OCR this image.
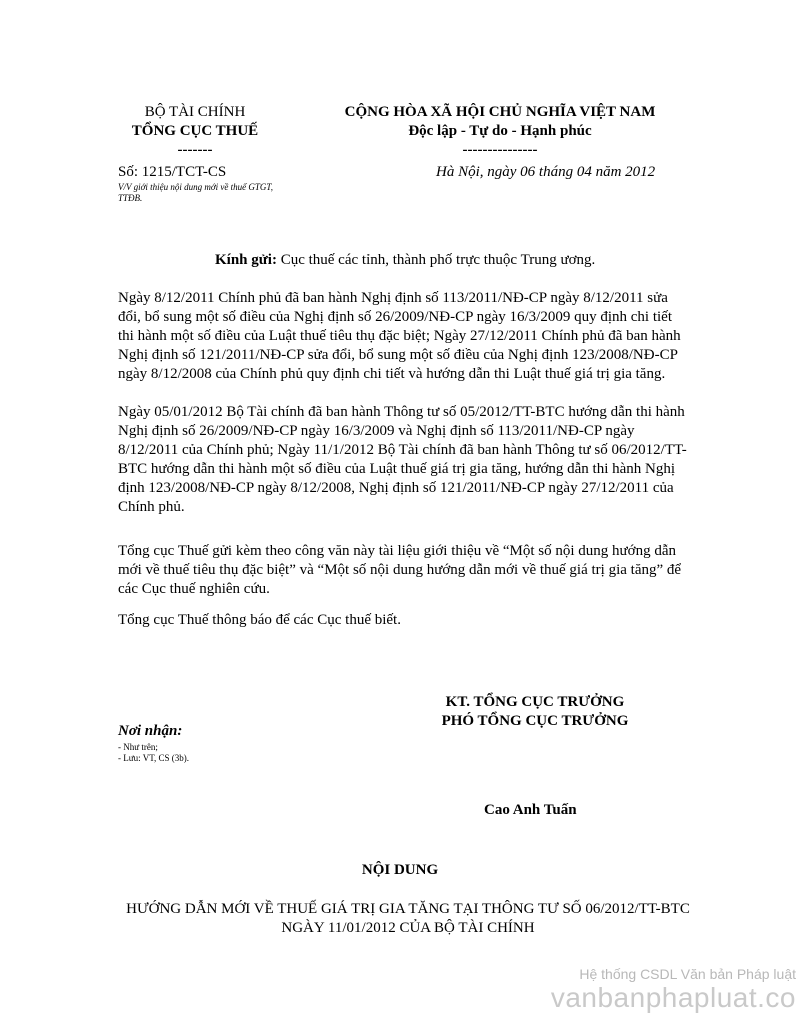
BỘ TÀI CHÍNH
TỔNG CỤC THUẾ
-------
CỘNG HÒA XÃ HỘI CHỦ NGHĨA VIỆT NAM
Độc lập - Tự do - Hạnh phúc
---------------
Số: 1215/TCT-CS
V/V giới thiệu nội dung mới về thuế GTGT, TTĐB.
Hà Nội, ngày 06 tháng 04 năm 2012
Kính gửi: Cục thuế các tỉnh, thành phố trực thuộc Trung ương.

Ngày 8/12/2011 Chính phủ đã ban hành Nghị định số 113/2011/NĐ-CP ngày 8/12/2011 sửa đổi, bổ sung một số điều của Nghị định số 26/2009/NĐ-CP ngày 16/3/2009 quy định chi tiết thi hành một số điều của Luật thuế tiêu thụ đặc biệt; Ngày 27/12/2011 Chính phủ đã ban hành Nghị định số 121/2011/NĐ-CP sửa đổi, bổ sung một số điều của Nghị định 123/2008/NĐ-CP ngày 8/12/2008 của Chính phủ quy định chi tiết và hướng dẫn thi Luật thuế giá trị gia tăng.

Ngày 05/01/2012 Bộ Tài chính đã ban hành Thông tư số 05/2012/TT-BTC hướng dẫn thi hành Nghị định số 26/2009/NĐ-CP ngày 16/3/2009 và Nghị định số 113/2011/NĐ-CP ngày 8/12/2011 của Chính phủ; Ngày 11/1/2012 Bộ Tài chính đã ban hành Thông tư số 06/2012/TT-BTC hướng dẫn thi hành một số điều của Luật thuế giá trị gia tăng, hướng dẫn thi hành Nghị định 123/2008/NĐ-CP ngày 8/12/2008, Nghị định số 121/2011/NĐ-CP ngày 27/12/2011 của Chính phủ.

Tổng cục Thuế gửi kèm theo công văn này tài liệu giới thiệu về “Một số nội dung hướng dẫn mới về thuế tiêu thụ đặc biệt” và “Một số nội dung hướng dẫn mới về thuế giá trị gia tăng” để các Cục thuế nghiên cứu.

Tổng cục Thuế thông báo để các Cục thuế biết.

KT. TỔNG CỤC TRƯỞNG
PHÓ TỔNG CỤC TRƯỞNG
Nơi nhận:
- Như trên;
- Lưu: VT, CS (3b).
Cao Anh Tuấn
NỘI DUNG
HƯỚNG DẪN MỚI VỀ THUẾ GIÁ TRỊ GIA TĂNG TẠI THÔNG TƯ SỐ 06/2012/TT-BTC NGÀY 11/01/2012 CỦA BỘ TÀI CHÍNH
Hệ thống CSDL Văn bản Pháp luật
vanbanphapluat.co
